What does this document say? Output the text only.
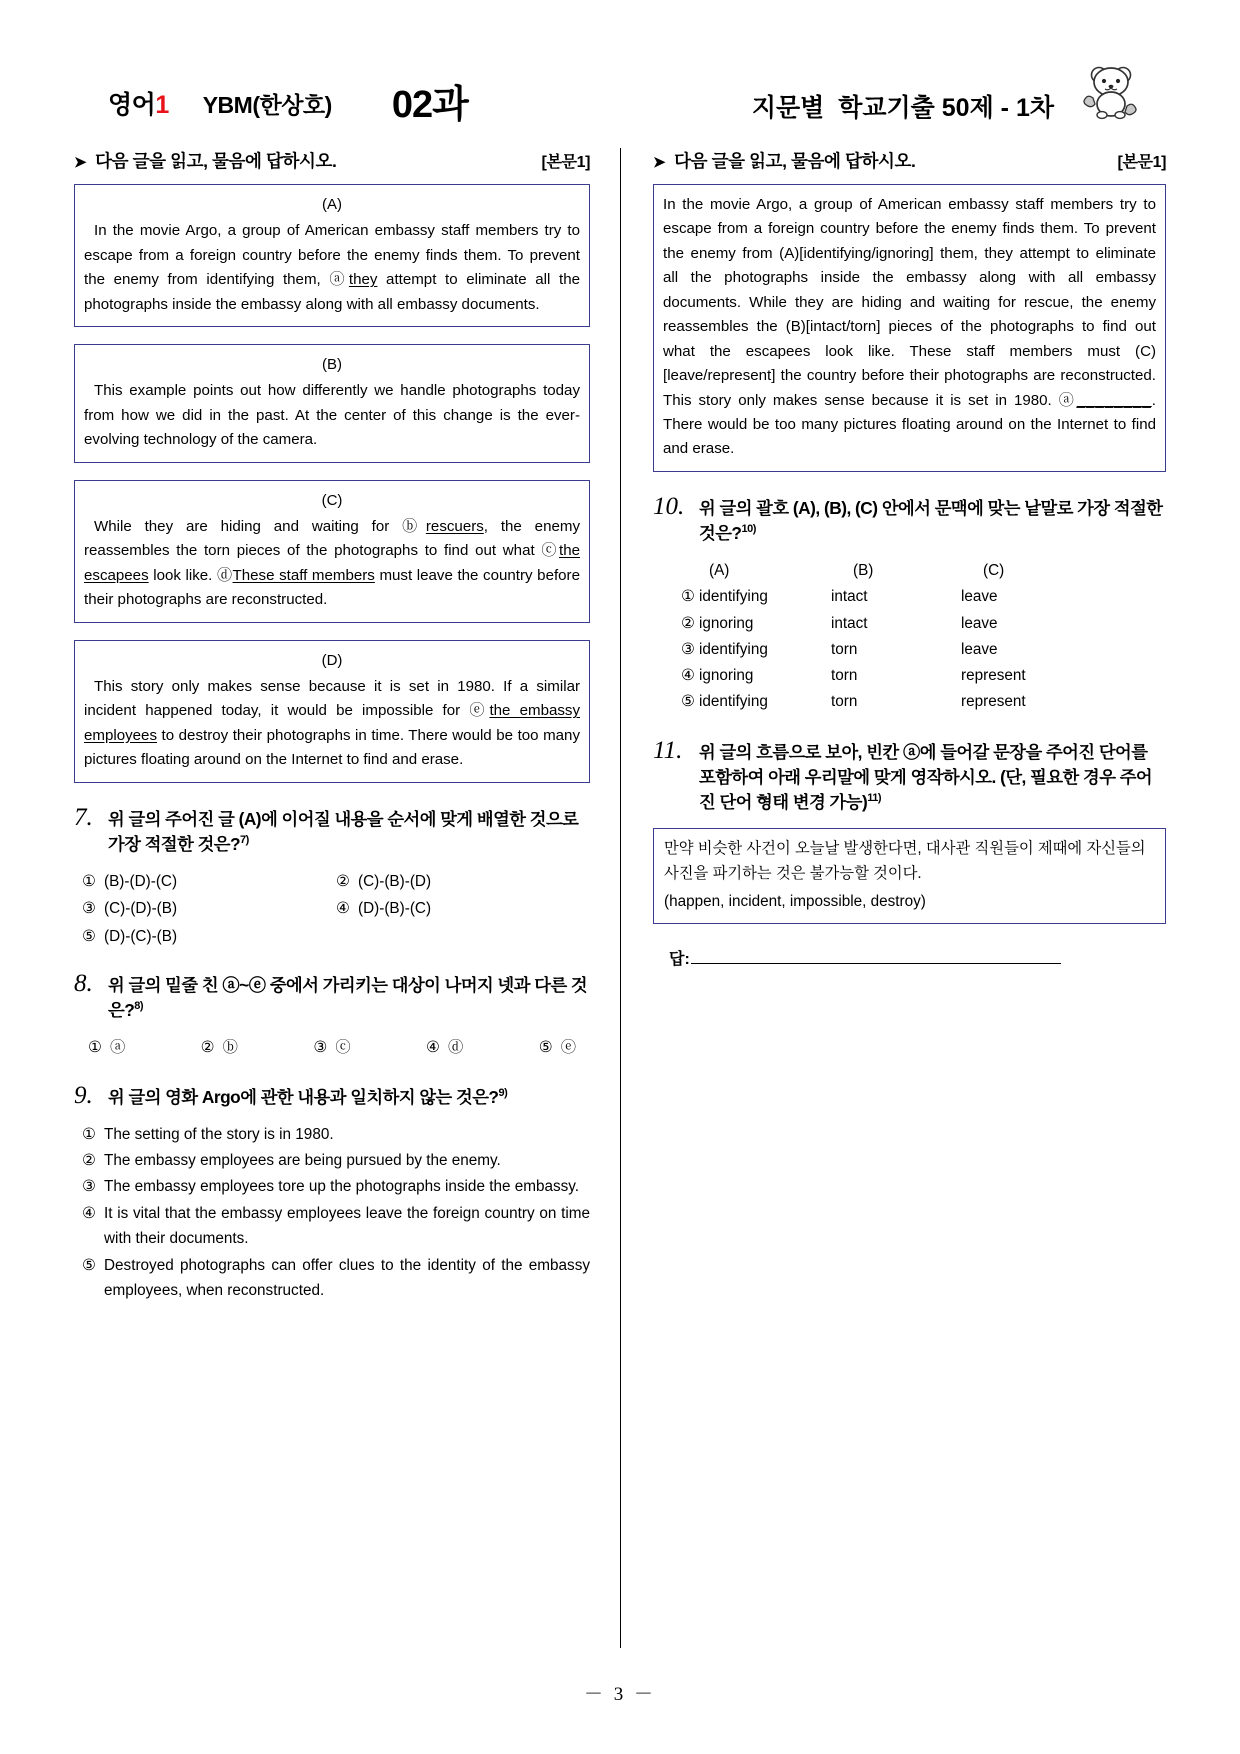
영어1 YBM(한상호) 02과	지문별  학교기출 50제 - 1차
➤ 다음 글을 읽고, 물음에 답하시오.	[본문1]
(A)

In the movie Argo, a group of American embassy staff members try to escape from a foreign country before the enemy finds them. To prevent the enemy from identifying them, ⓐthey attempt to eliminate all the photographs inside the embassy along with all embassy documents.

(B)

This example points out how differently we handle photographs today from how we did in the past. At the center of this change is the ever-evolving technology of the camera.

(C)

While they are hiding and waiting for ⓑrescuers, the enemy reassembles the torn pieces of the photographs to find out what ⓒthe escapees look like. ⓓThese staff members must leave the country before their photographs are reconstructed.

(D)

This story only makes sense because it is set in 1980. If a similar incident happened today, it would be impossible for ⓔthe embassy employees to destroy their photographs in time. There would be too many pictures floating around on the Internet to find and erase.

7. 위 글의 주어진 글 (A)에 이어질 내용을 순서에 맞게 배열한 것으로 가장 적절한 것은?$^{7)}$
① (B)-(D)-(C)	② (C)-(B)-(D)
③ (C)-(D)-(B)	④ (D)-(B)-(C)
⑤ (D)-(C)-(B)
8. 위 글의 밑줄 친 ⓐ~ⓔ 중에서 가리키는 대상이 나머지 넷과 다른 것은?$^{8)}$
① ⓐ	② ⓑ	③ ⓒ	④ ⓓ	⑤ ⓔ
9. 위 글의 영화 Argo에 관한 내용과 일치하지 않는 것은?$^{9)}$
① The setting of the story is in 1980.
② The embassy employees are being pursued by the enemy.
③ The embassy employees tore up the photographs inside the embassy.
④ It is vital that the embassy employees leave the foreign country on time with their documents.
⑤ Destroyed photographs can offer clues to the identity of the embassy employees, when reconstructed.
➤ 다음 글을 읽고, 물음에 답하시오.	[본문1]

In the movie Argo, a group of American embassy staff members try to escape from a foreign country before the enemy finds them. To prevent the enemy from (A)[identifying/ignoring] them, they attempt to eliminate all the photographs inside the embassy along with all embassy documents. While they are hiding and waiting for rescue, the enemy reassembles the (B)[intact/torn] pieces of the photographs to find out what the escapees look like. These staff members must (C)[leave/represent] the country before their photographs are reconstructed. This story only makes sense because it is set in 1980. ⓐ________. There would be too many pictures floating around on the Internet to find and erase.

10. 위 글의 괄호 (A), (B), (C) 안에서 문맥에 맞는 낱말로 가장 적절한 것은?$^{10)}$
(A)	(B)	(C)
① identifying	intact	leave
② ignoring	intact	leave
③ identifying	torn	leave
④ ignoring	torn	represent
⑤ identifying	torn	represent
11. 위 글의 흐름으로 보아, 빈칸 ⓐ에 들어갈 문장을 주어진 단어를 포함하여 아래 우리말에 맞게 영작하시오. (단, 필요한 경우 주어진 단어 형태 변경 가능)$^{11)}$
만약 비슷한 사건이 오늘날 발생한다면, 대사관 직원들이 제때에 자신들의 사진을 파기하는 것은 불가능할 것이다.
(happen, incident, impossible, destroy)
답:
－ 3 －
